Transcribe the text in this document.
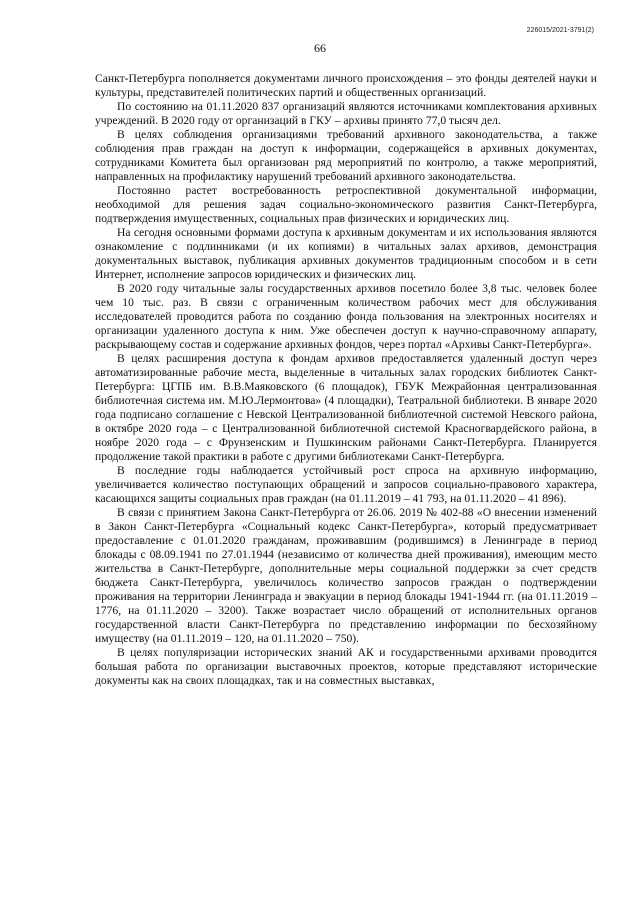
226015/2021-3791(2)
66

Санкт-Петербурга пополняется документами личного происхождения – это фонды деятелей науки и культуры, представителей политических партий и общественных организаций.

По состоянию на 01.11.2020 837 организаций являются источниками комплектования архивных учреждений. В 2020 году от организаций в ГКУ – архивы принято 77,0 тысяч дел.

В целях соблюдения организациями требований архивного законодательства, а также соблюдения прав граждан на доступ к информации, содержащейся в архивных документах, сотрудниками Комитета был организован ряд мероприятий по контролю, а также мероприятий, направленных на профилактику нарушений требований архивного законодательства.

Постоянно растет востребованность ретроспективной документальной информации, необходимой для решения задач социально-экономического развития Санкт-Петербурга, подтверждения имущественных, социальных прав физических и юридических лиц.

На сегодня основными формами доступа к архивным документам и их использования являются ознакомление с подлинниками (и их копиями) в читальных залах архивов, демонстрация документальных выставок, публикация архивных документов традиционным способом и в сети Интернет, исполнение запросов юридических и физических лиц.

В 2020 году читальные залы государственных архивов посетило более 3,8 тыс. человек более чем 10 тыс. раз. В связи с ограниченным количеством рабочих мест для обслуживания исследователей проводится работа по созданию фонда пользования на электронных носителях и организации удаленного доступа к ним. Уже обеспечен доступ к научно-справочному аппарату, раскрывающему состав и содержание архивных фондов, через портал «Архивы Санкт-Петербурга».

В целях расширения доступа к фондам архивов предоставляется удаленный доступ через автоматизированные рабочие места, выделенные в читальных залах городских библиотек Санкт-Петербурга: ЦГПБ им. В.В.Маяковского (6 площадок), ГБУК Межрайонная централизованная библиотечная система им. М.Ю.Лермонтова» (4 площадки), Театральной библиотеки. В январе 2020 года подписано соглашение с Невской Централизованной библиотечной системой Невского района, в октябре 2020 года – с Централизованной библиотечной системой Красногвардейского района, в ноябре 2020 года – с Фрунзенским и Пушкинским районами Санкт-Петербурга. Планируется продолжение такой практики в работе с другими библиотеками Санкт-Петербурга.

В последние годы наблюдается устойчивый рост спроса на архивную информацию, увеличивается количество поступающих обращений и запросов социально-правового характера, касающихся защиты социальных прав граждан (на 01.11.2019 – 41 793, на 01.11.2020 – 41 896).

В связи с принятием Закона Санкт-Петербурга от 26.06. 2019 № 402-88 «О внесении изменений в Закон Санкт-Петербурга «Социальный кодекс Санкт-Петербурга», который предусматривает предоставление с 01.01.2020 гражданам, проживавшим (родившимся) в Ленинграде в период блокады с 08.09.1941 по 27.01.1944 (независимо от количества дней проживания), имеющим место жительства в Санкт-Петербурге, дополнительные меры социальной поддержки за счет средств бюджета Санкт-Петербурга, увеличилось количество запросов граждан о подтверждении проживания на территории Ленинграда и эвакуации в период блокады 1941-1944 гг. (на 01.11.2019 – 1776, на 01.11.2020 – 3200). Также возрастает число обращений от исполнительных органов государственной власти Санкт-Петербурга по представлению информации по бесхозяйному имуществу (на 01.11.2019 – 120, на 01.11.2020 – 750).

В целях популяризации исторических знаний АК и государственными архивами проводится большая работа по организации выставочных проектов, которые представляют исторические документы как на своих площадках, так и на совместных выставках,
